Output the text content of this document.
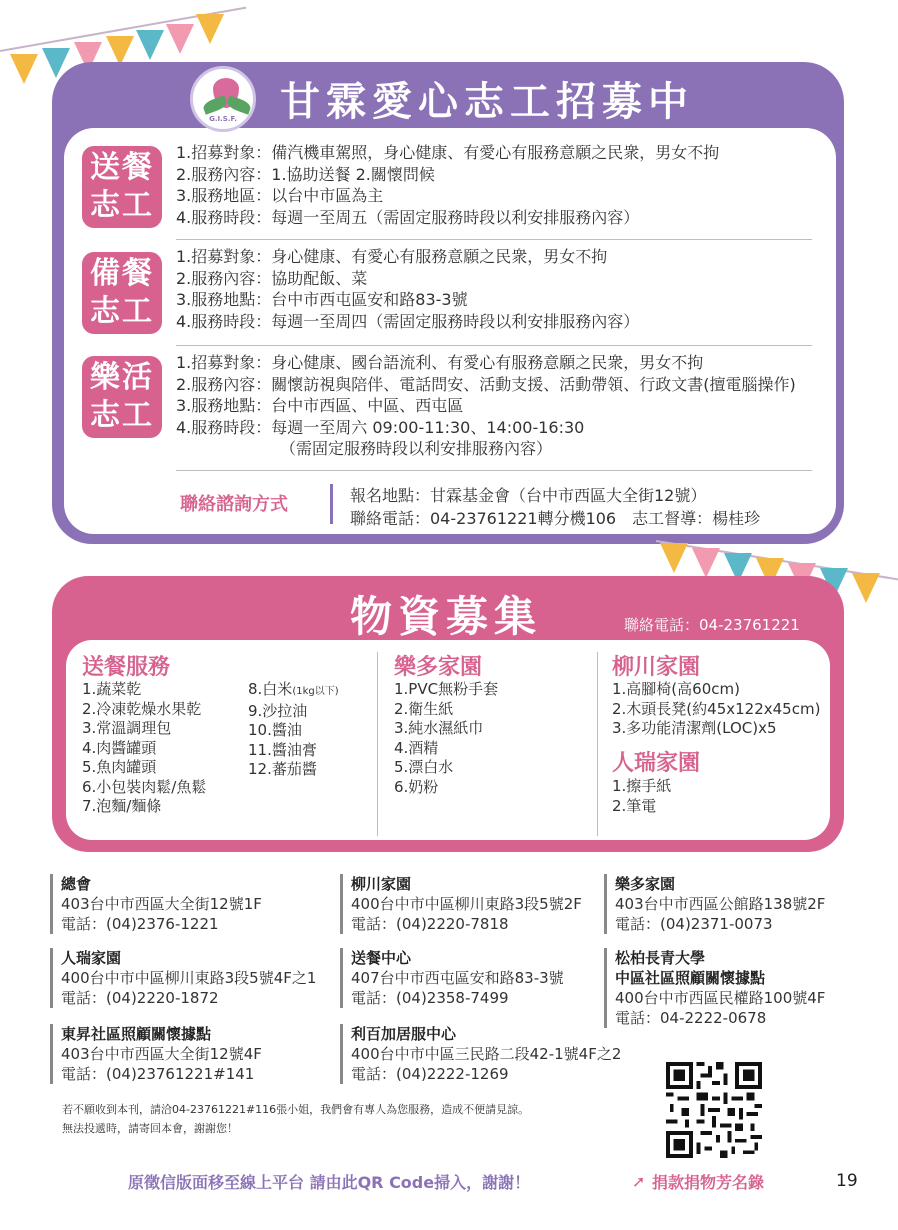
G.I.S.F.	甘霖愛心志工招募中
送餐
志工
1.招募對象：備汽機車駕照，身心健康、有愛心有服務意願之民衆，男女不拘
2.服務內容：1.協助送餐 2.關懷問候
3.服務地區：以台中市區為主
4.服務時段：每週一至周五（需固定服務時段以利安排服務內容）
備餐
志工
1.招募對象：身心健康、有愛心有服務意願之民衆，男女不拘
2.服務內容：協助配飯、菜
3.服務地點：台中市西屯區安和路83-3號
4.服務時段：每週一至周四（需固定服務時段以利安排服務內容）
樂活
志工
1.招募對象：身心健康、國台語流利、有愛心有服務意願之民衆，男女不拘
2.服務內容：關懷訪視與陪伴、電話問安、活動支援、活動帶領、行政文書(擅電腦操作)
3.服務地點：台中市西區、中區、西屯區
4.服務時段：每週一至周六 09:00-11:30、14:00-16:30
（需固定服務時段以利安排服務內容）
聯絡諮詢方式	報名地點：甘霖基金會（台中市西區大全街12號）
聯絡電話：04-23761221轉分機106　志工督導：楊桂珍
物資募集	聯絡電話：04-23761221
送餐服務
1.蔬菜乾
2.冷凍乾燥水果乾
3.常溫調理包
4.肉醬罐頭
5.魚肉罐頭
6.小包裝肉鬆/魚鬆
7.泡麵/麵條
8.白米(1kg以下)
9.沙拉油
10.醬油
11.醬油膏
12.蕃茄醬
樂多家園
1.PVC無粉手套
2.衛生紙
3.純水濕紙巾
4.酒精
5.漂白水
6.奶粉
柳川家園
1.高腳椅(高60cm)
2.木頭長凳(約45x122x45cm)
3.多功能清潔劑(LOC)x5
人瑞家園
1.擦手紙
2.筆電
總會
403台中市西區大全街12號1F
電話：(04)2376-1221
柳川家園
400台中市中區柳川東路3段5號2F
電話：(04)2220-7818
樂多家園
403台中市西區公館路138號2F
電話：(04)2371-0073
人瑞家園
400台中市中區柳川東路3段5號4F之1
電話：(04)2220-1872
送餐中心
407台中市西屯區安和路83-3號
電話：(04)2358-7499
松柏長青大學
中區社區照顧關懷據點
400台中市西區民權路100號4F
電話：04-2222-0678
東昇社區照顧關懷據點
403台中市西區大全街12號4F
電話：(04)23761221#141
利百加居服中心
400台中市中區三民路二段42-1號4F之2
電話：(04)2222-1269
若不願收到本刊，請洽04-23761221#116張小姐，我們會有專人為您服務，造成不便請見諒。
無法投遞時，請寄回本會，謝謝您！
原徵信版面移至線上平台 請由此QR Code掃入，謝謝！	➚ 捐款捐物芳名錄	19
